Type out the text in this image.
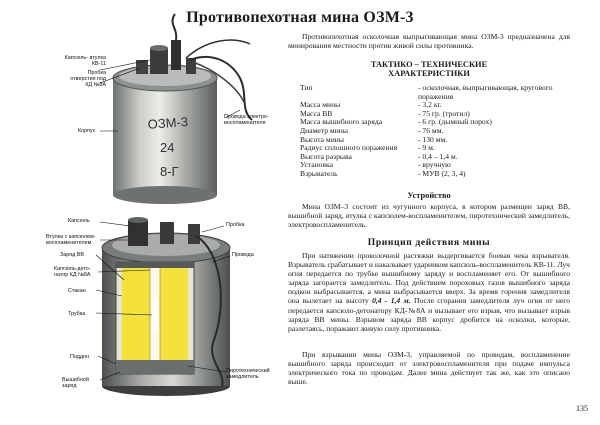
Противопехотная мина ОЗМ-3
ОЗМ-3
24
8-Г
Капсюль- втулка КВ-11
Пробка отверстия под КД №8А
Корпус
Провода электро- воспламенителя
Капсюль
Втулка с капсюлем- воспламенителем
Заряд ВВ
Капсюль-дето- натор КД №8А
Стакан
Трубка
Поддон
Вышибной заряд
Пробка
Провода
Пиротехнический замедлитель
Противопехотная осколочная выпрыгивающая мина ОЗМ-3 предназначена для минирования местности против живой силы противника.
ТАКТИКО – ТЕХНИЧЕСКИЕ
ХАРАКТЕРИСТИКИ
Тип	- осколочная, выпрыгивающая, кругового поражения
Масса мины	- 3,2 кг.
Масса ВВ	- 75 гр. (тротил)
Масса вышибного заряда	- 6 гр. (дымный порох)
Диаметр мины	- 76 мм.
Высота мины	- 130 мм.
Радиус сплошного поражения	- 9 м.
Высота разрыва	- 0,4 – 1,4 м.
Установка	- вручную
Взрыватель	- МУВ (2, 3, 4)
Устройство
Мина ОЗМ–3 состоит из чугунного корпуса, в котором размещен заряд ВВ, вышибной заряд, втулка с капсюлем-воспламенителем, пиротехнический замедлитель, электровоспламенитель.
Принцип действия мины
При натяжении проволочной растяжки выдергивается боевая чека взрывателя. Взрыватель срабатывает и накалывает ударником капсюль-воспламенитель КВ-11. Луч огня передается по трубке вышибному заряду и воспламеняет его. От вышибного заряда загорается замедлитель. Под действием пороховых газов вышибного заряда подкон выбрасывается, а мина выбрасывается вверх. За время горения замедлителя она вылетает на высоту 0,4 - 1,4 м. После сгорания замедлителя луч огня от него передается капсюло-детонатору КД-№8А и вызывает его взрыв, что вызывает взрыв заряда ВВ мины. Взрывом заряда ВВ корпус дробится на осколки, которые, разлетаясь, поражают живую силу противника.
При взрывании мины ОЗМ-3, управляемой по проводам, воспламенение вышибного заряда происходит от электровоспламенителя при подаче импульса электрического тока по проводам. Далее мина действует так же, как это описано выше.
135
